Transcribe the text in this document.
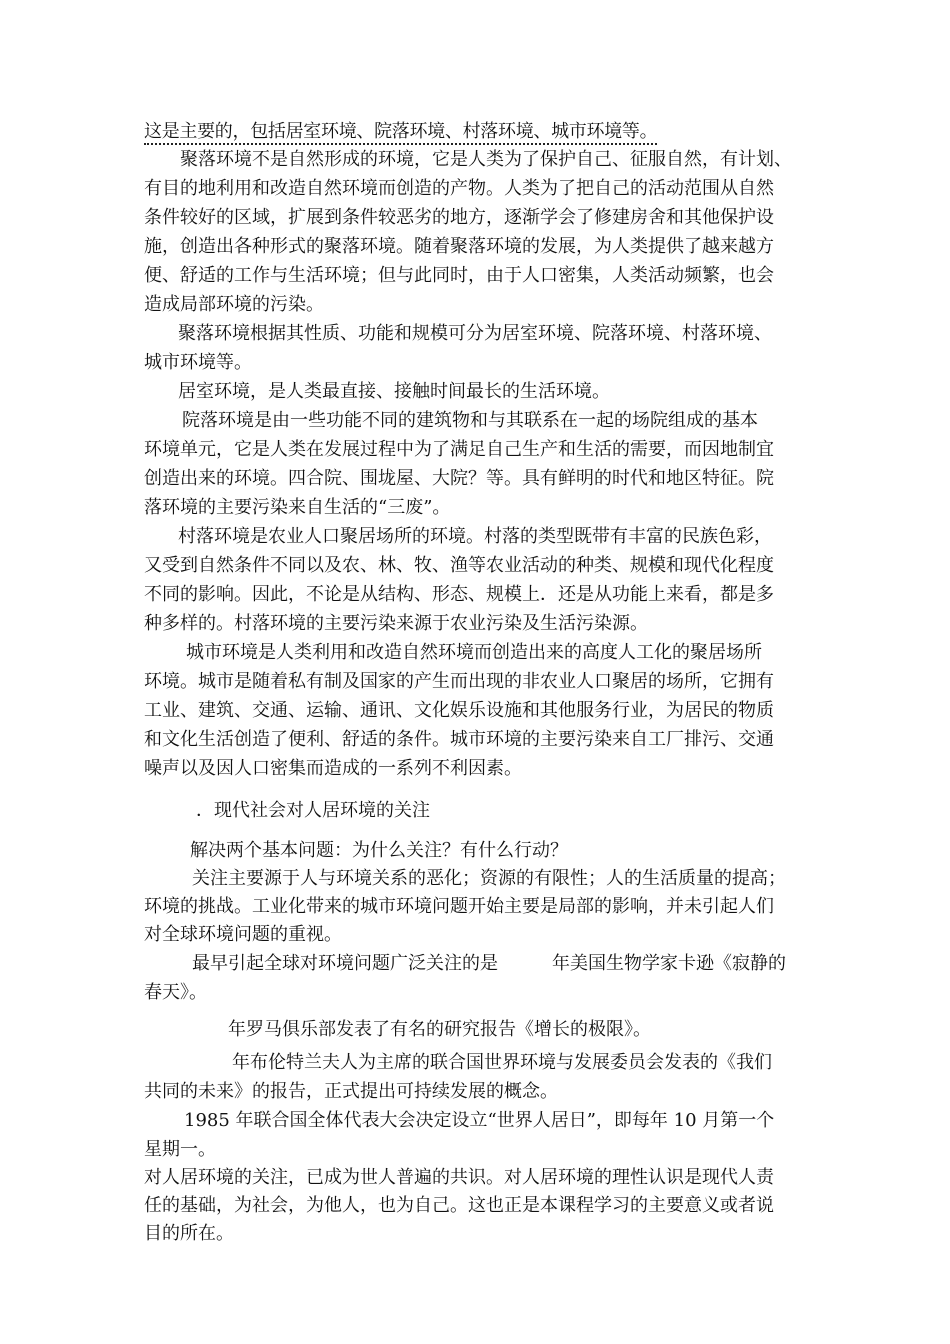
这是主要的，包括居室环境、院落环境、村落环境、城市环境等。
聚落环境不是自然形成的环境，它是人类为了保护自己、征服自然，有计划、
有目的地利用和改造自然环境而创造的产物。人类为了把自己的活动范围从自然
条件较好的区域，扩展到条件较恶劣的地方，逐渐学会了修建房舍和其他保护设
施，创造出各种形式的聚落环境。随着聚落环境的发展，为人类提供了越来越方
便、舒适的工作与生活环境；但与此同时，由于人口密集，人类活动频繁，也会
造成局部环境的污染。
聚落环境根据其性质、功能和规模可分为居室环境、院落环境、村落环境、
城市环境等。
居室环境，是人类最直接、接触时间最长的生活环境。
院落环境是由一些功能不同的建筑物和与其联系在一起的场院组成的基本
环境单元，它是人类在发展过程中为了满足自己生产和生活的需要，而因地制宜
创造出来的环境。四合院、围垅屋、大院？等。具有鲜明的时代和地区特征。院
落环境的主要污染来自生活的“三废”。
村落环境是农业人口聚居场所的环境。村落的类型既带有丰富的民族色彩，
又受到自然条件不同以及农、林、牧、渔等农业活动的种类、规模和现代化程度
不同的影响。因此，不论是从结构、形态、规模上．还是从功能上来看，都是多
种多样的。村落环境的主要污染来源于农业污染及生活污染源。
城市环境是人类利用和改造自然环境而创造出来的高度人工化的聚居场所
环境。城市是随着私有制及国家的产生而出现的非农业人口聚居的场所，它拥有
工业、建筑、交通、运输、通讯、文化娱乐设施和其他服务行业，为居民的物质
和文化生活创造了便利、舒适的条件。城市环境的主要污染来自工厂排污、交通
噪声以及因人口密集而造成的一系列不利因素。
．现代社会对人居环境的关注
解决两个基本问题：为什么关注？有什么行动？
关注主要源于人与环境关系的恶化；资源的有限性；人的生活质量的提高；
环境的挑战。工业化带来的城市环境问题开始主要是局部的影响，并未引起人们
对全球环境问题的重视。
最早引起全球对环境问题广泛关注的是　　　年美国生物学家卡逊《寂静的
春天》。
年罗马俱乐部发表了有名的研究报告《增长的极限》。
年布伦特兰夫人为主席的联合国世界环境与发展委员会发表的《我们
共同的未来》的报告，正式提出可持续发展的概念。
1985 年联合国全体代表大会决定设立“世界人居日”，即每年 10 月第一个
星期一。
对人居环境的关注，已成为世人普遍的共识。对人居环境的理性认识是现代人责
任的基础，为社会，为他人，也为自己。这也正是本课程学习的主要意义或者说
目的所在。
